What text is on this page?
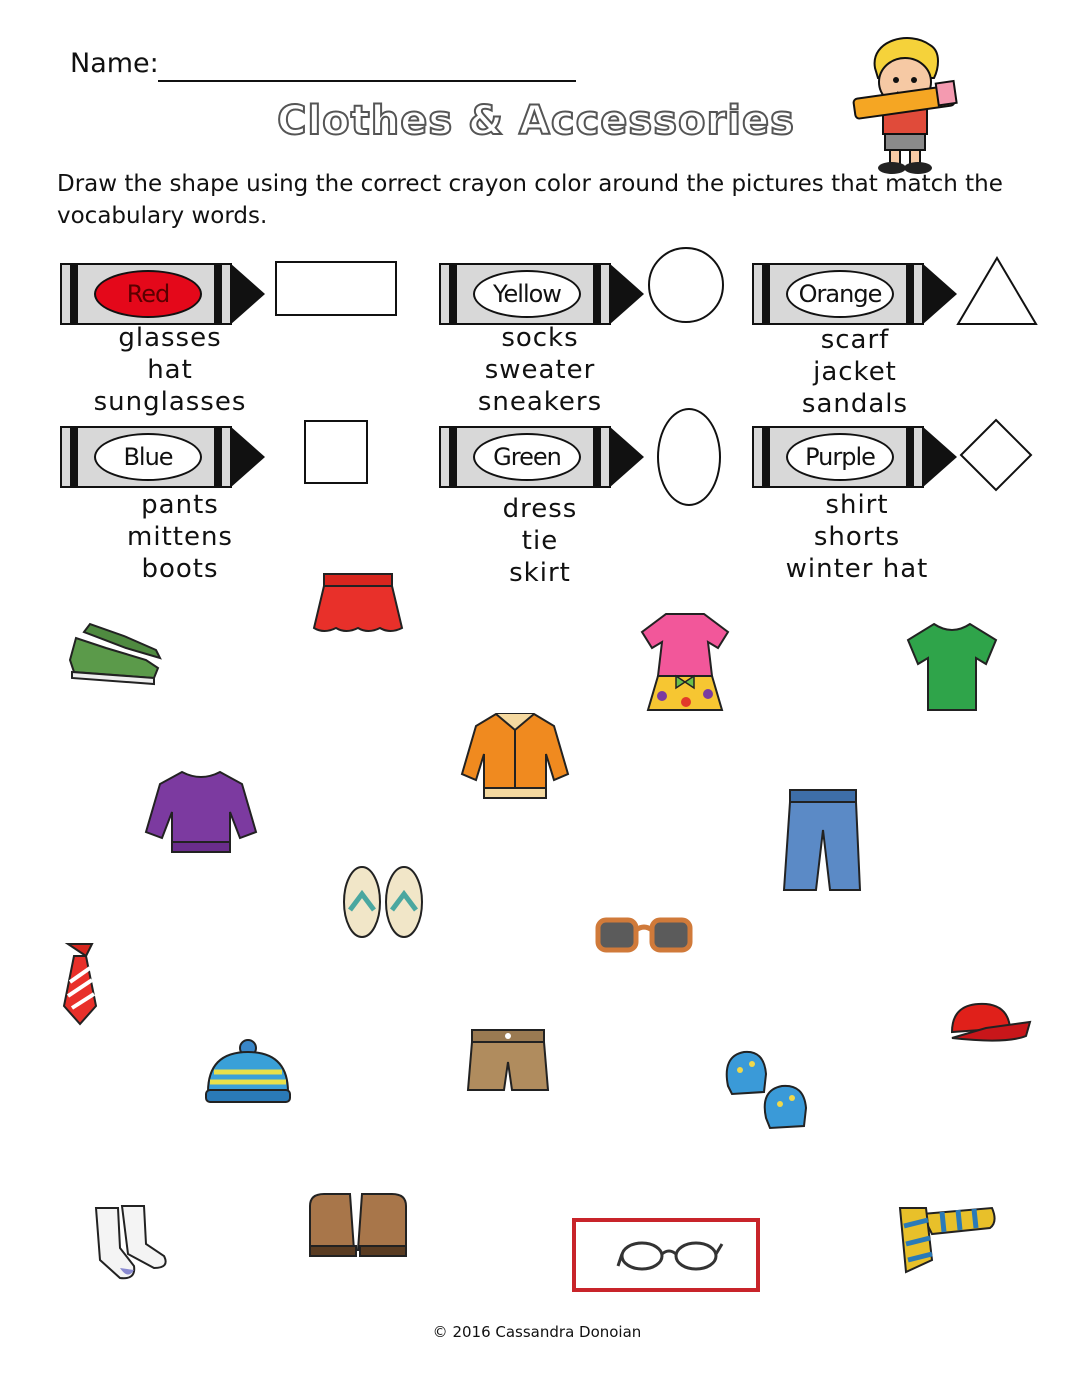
Name:
Clothes & Accessories
Draw the shape using the correct crayon color around the pictures that match the vocabulary words.
Red
glasses
hat
sunglasses
Yellow
socks
sweater
sneakers
Orange
scarf
jacket
sandals
Blue
pants
mittens
boots
Green
dress
tie
skirt
Purple
shirt
shorts
winter hat
© 2016 Cassandra Donoian
